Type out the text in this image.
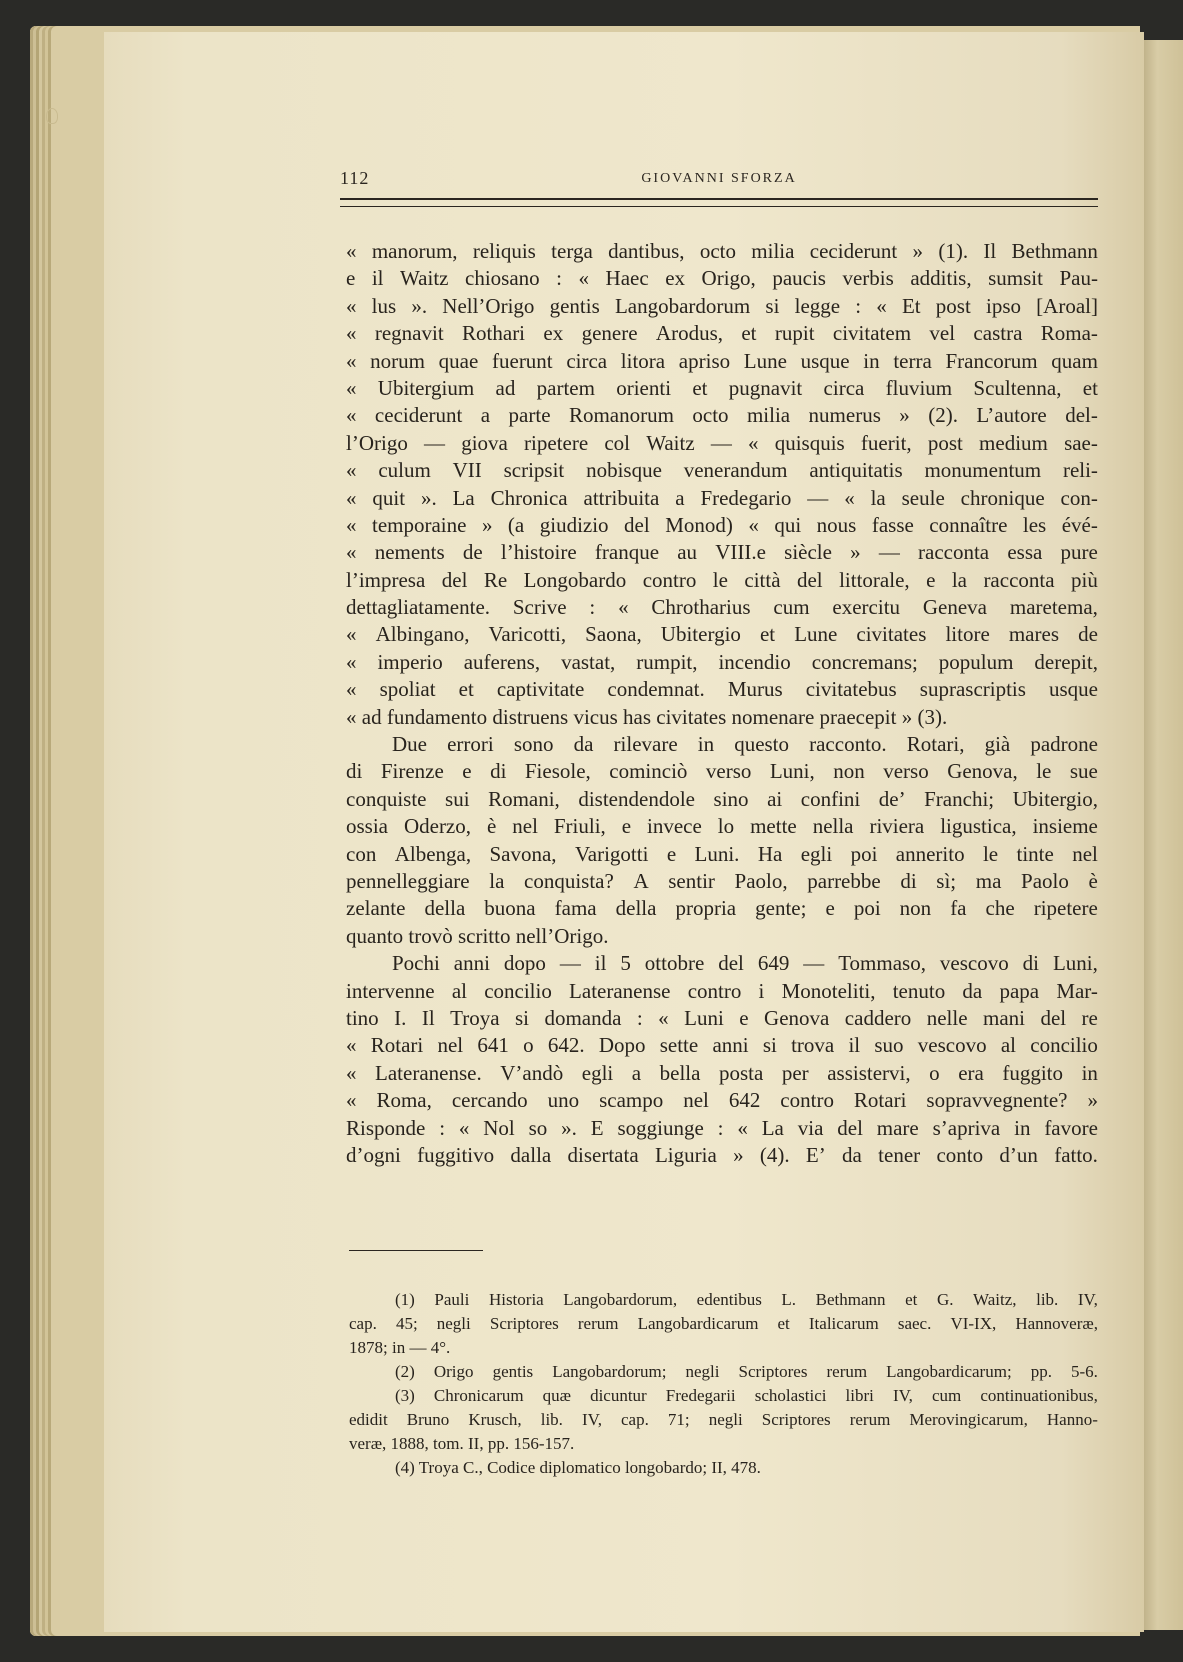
112	GIOVANNI SFORZA
« manorum, reliquis terga dantibus, octo milia ceciderunt » (1). Il Bethmann
e il Waitz chiosano : « Haec ex Origo, paucis verbis additis, sumsit Pau-
« lus ». Nell’Origo gentis Langobardorum si legge : « Et post ipso [Aroal]
« regnavit Rothari ex genere Arodus, et rupit civitatem vel castra Roma-
« norum quae fuerunt circa litora apriso Lune usque in terra Francorum quam
« Ubitergium ad partem orienti et pugnavit circa fluvium Scultenna, et
« ceciderunt a parte Romanorum octo milia numerus » (2). L’autore del-
l’Origo — giova ripetere col Waitz — « quisquis fuerit, post medium sae-
« culum VII scripsit nobisque venerandum antiquitatis monumentum reli-
« quit ». La Chronica attribuita a Fredegario — « la seule chronique con-
« temporaine » (a giudizio del Monod) « qui nous fasse connaître les évé-
« nements de l’histoire franque au VIII.e siècle » — racconta essa pure
l’impresa del Re Longobardo contro le città del littorale, e la racconta più
dettagliatamente. Scrive : « Chrotharius cum exercitu Geneva maretema,
« Albingano, Varicotti, Saona, Ubitergio et Lune civitates litore mares de
« imperio auferens, vastat, rumpit, incendio concremans; populum derepit,
« spoliat et captivitate condemnat. Murus civitatebus suprascriptis usque
« ad fundamento distruens vicus has civitates nomenare praecepit » (3).
Due errori sono da rilevare in questo racconto. Rotari, già padrone
di Firenze e di Fiesole, cominciò verso Luni, non verso Genova, le sue
conquiste sui Romani, distendendole sino ai confini de’ Franchi; Ubitergio,
ossia Oderzo, è nel Friuli, e invece lo mette nella riviera ligustica, insieme
con Albenga, Savona, Varigotti e Luni. Ha egli poi annerito le tinte nel
pennelleggiare la conquista? A sentir Paolo, parrebbe di sì; ma Paolo è
zelante della buona fama della propria gente; e poi non fa che ripetere
quanto trovò scritto nell’Origo.
Pochi anni dopo — il 5 ottobre del 649 — Tommaso, vescovo di Luni,
intervenne al concilio Lateranense contro i Monoteliti, tenuto da papa Mar-
tino I. Il Troya si domanda : « Luni e Genova caddero nelle mani del re
« Rotari nel 641 o 642. Dopo sette anni si trova il suo vescovo al concilio
« Lateranense. V’andò egli a bella posta per assistervi, o era fuggito in
« Roma, cercando uno scampo nel 642 contro Rotari sopravvegnente? »
Risponde : « Nol so ». E soggiunge : « La via del mare s’apriva in favore
d’ogni fuggitivo dalla disertata Liguria » (4). E’ da tener conto d’un fatto.
(1) Pauli Historia Langobardorum, edentibus L. Bethmann et G. Waitz, lib. IV,
cap. 45; negli Scriptores rerum Langobardicarum et Italicarum saec. VI-IX, Hannoveræ,
1878; in — 4°.
(2) Origo gentis Langobardorum; negli Scriptores rerum Langobardicarum; pp. 5-6.
(3) Chronicarum quæ dicuntur Fredegarii scholastici libri IV, cum continuationibus,
edidit Bruno Krusch, lib. IV, cap. 71; negli Scriptores rerum Merovingicarum, Hanno-
veræ, 1888, tom. II, pp. 156-157.
(4) Troya C., Codice diplomatico longobardo; II, 478.
